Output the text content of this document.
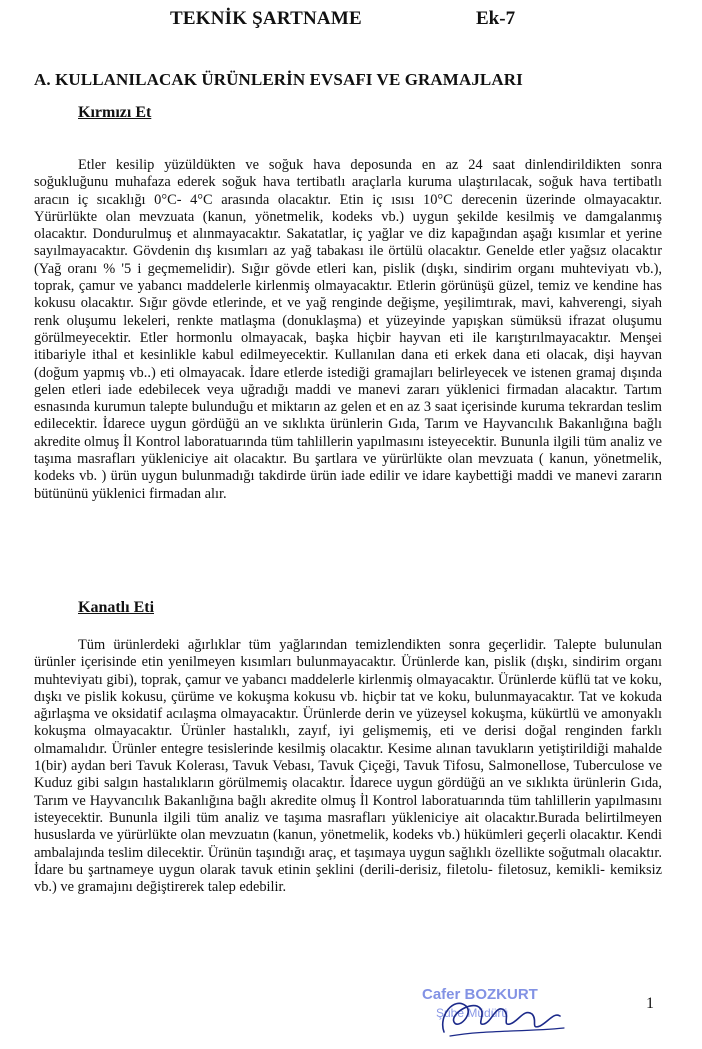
TEKNİK ŞARTNAME	Ek-7
A. KULLANILACAK ÜRÜNLERİN EVSAFI VE GRAMAJLARI
Kırmızı Et

Etler kesilip yüzüldükten ve soğuk hava deposunda en az 24 saat dinlendirildikten sonra soğukluğunu muhafaza ederek soğuk hava tertibatlı araçlarla kuruma ulaştırılacak, soğuk hava tertibatlı aracın iç sıcaklığı 0°C- 4°C arasında olacaktır. Etin iç ısısı 10°C derecenin üzerinde olmayacaktır. Yürürlükte olan mevzuata (kanun, yönetmelik, kodeks vb.) uygun şekilde kesilmiş ve damgalanmış olacaktır. Dondurulmuş et alınmayacaktır. Sakatatlar, iç yağlar ve diz kapağından aşağı kısımlar et yerine sayılmayacaktır. Gövdenin dış kısımları az yağ tabakası ile örtülü olacaktır. Genelde etler yağsız olacaktır (Yağ oranı % '5 i geçmemelidir). Sığır gövde etleri kan, pislik (dışkı, sindirim organı muhteviyatı vb.), toprak, çamur ve yabancı maddelerle kirlenmiş olmayacaktır. Etlerin görünüşü güzel, temiz ve kendine has kokusu olacaktır. Sığır gövde etlerinde, et ve yağ renginde değişme, yeşilimtırak, mavi, kahverengi, siyah renk oluşumu lekeleri, renkte matlaşma (donuklaşma) et yüzeyinde yapışkan sümüksü ifrazat oluşumu görülmeyecektir. Etler hormonlu olmayacak, başka hiçbir hayvan eti ile karıştırılmayacaktır. Menşei itibariyle ithal et kesinlikle kabul edilmeyecektir. Kullanılan dana eti erkek dana eti olacak, dişi hayvan (doğum yapmış vb..) eti olmayacak. İdare etlerde istediği gramajları belirleyecek ve istenen gramaj dışında gelen etleri iade edebilecek veya uğradığı maddi ve manevi zararı yüklenici firmadan alacaktır. Tartım esnasında kurumun talepte bulunduğu et miktarın az gelen et en az 3 saat içerisinde kuruma tekrardan teslim edilecektir. İdarece uygun gördüğü an ve sıklıkta ürünlerin Gıda, Tarım ve Hayvancılık Bakanlığına bağlı akredite olmuş İl Kontrol laboratuarında tüm tahlillerin yapılmasını isteyecektir. Bununla ilgili tüm analiz ve taşıma masrafları yükleniciye ait olacaktır. Bu şartlara ve yürürlükte olan mevzuata ( kanun, yönetmelik, kodeks vb. ) ürün uygun bulunmadığı takdirde ürün iade edilir ve idare kaybettiği maddi ve manevi zararın bütününü yüklenici firmadan alır.

Kanatlı Eti

Tüm ürünlerdeki ağırlıklar tüm yağlarından temizlendikten sonra geçerlidir. Talepte bulunulan ürünler içerisinde etin yenilmeyen kısımları bulunmayacaktır. Ürünlerde kan, pislik (dışkı, sindirim organı muhteviyatı gibi), toprak, çamur ve yabancı maddelerle kirlenmiş olmayacaktır. Ürünlerde küflü tat ve koku, dışkı ve pislik kokusu, çürüme ve kokuşma kokusu vb. hiçbir tat ve koku, bulunmayacaktır. Tat ve kokuda ağırlaşma ve oksidatif acılaşma olmayacaktır. Ürünlerde derin ve yüzeysel kokuşma, kükürtlü ve amonyaklı kokuşma olmayacaktır. Ürünler hastalıklı, zayıf, iyi gelişmemiş, eti ve derisi doğal renginden farklı olmamalıdır. Ürünler entegre tesislerinde kesilmiş olacaktır. Kesime alınan tavukların yetiştirildiği mahalde 1(bir) aydan beri Tavuk Kolerası, Tavuk Vebası, Tavuk Çiçeği, Tavuk Tifosu, Salmonellose, Tuberculose ve Kuduz gibi salgın hastalıkların görülmemiş olacaktır. İdarece uygun gördüğü an ve sıklıkta ürünlerin Gıda, Tarım ve Hayvancılık Bakanlığına bağlı akredite olmuş İl Kontrol laboratuarında tüm tahlillerin yapılmasını isteyecektir. Bununla ilgili tüm analiz ve taşıma masrafları yükleniciye ait olacaktır.Burada belirtilmeyen hususlarda ve yürürlükte olan mevzuatın (kanun, yönetmelik, kodeks vb.) hükümleri geçerli olacaktır. Kendi ambalajında teslim dilecektir. Ürünün taşındığı araç, et taşımaya uygun sağlıklı özellikte soğutmalı olacaktır. İdare bu şartnameye uygun olarak tavuk etinin şeklini (derili-derisiz, filetolu- filetosuz, kemikli- kemiksiz vb.) ve gramajını değiştirerek talep edebilir.

Cafer BOZKURT
Şube Müdürü
1
